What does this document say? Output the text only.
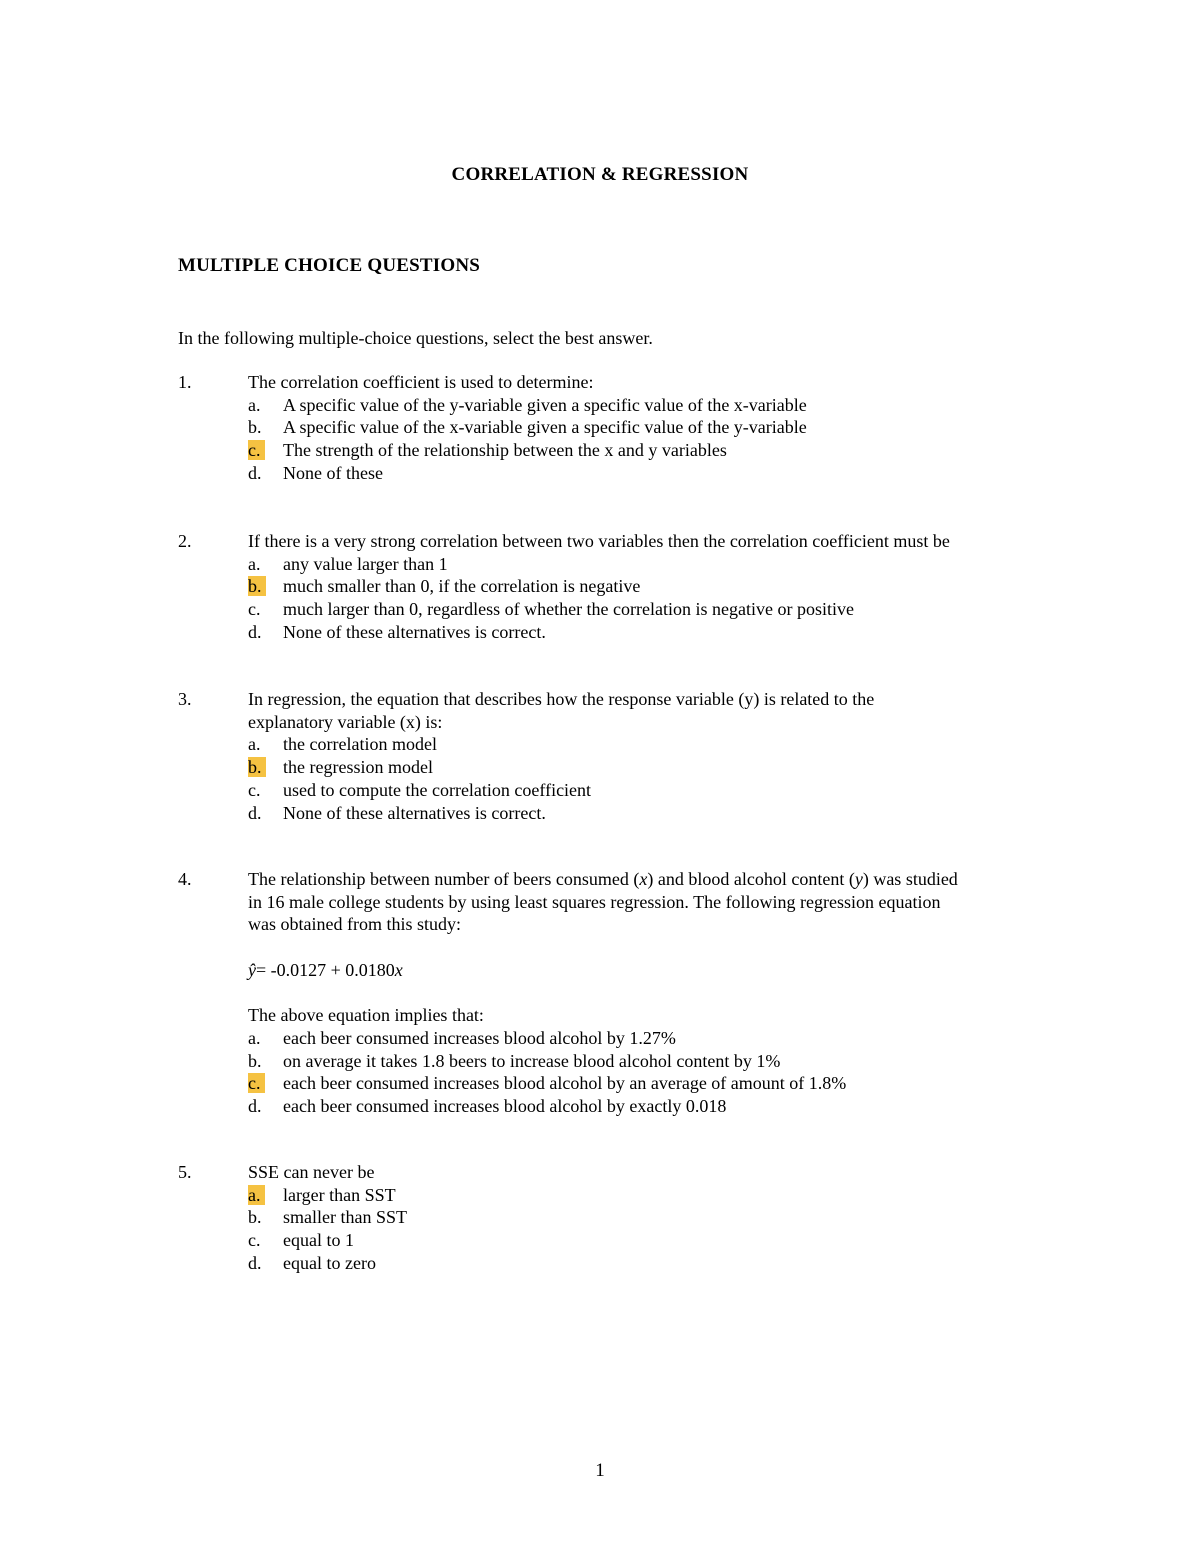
CORRELATION & REGRESSION
MULTIPLE CHOICE QUESTIONS
In the following multiple-choice questions, select the best answer.
1.	The correlation coefficient is used to determine:
a.	A specific value of the y-variable given a specific value of the x-variable
b.	A specific value of the x-variable given a specific value of the y-variable
c.	The strength of the relationship between the x and y variables
d.	None of these
2.	If there is a very strong correlation between two variables then the correlation coefficient must be
a.	any value larger than 1
b.	much smaller than 0, if the correlation is negative
c.	much larger than 0, regardless of whether the correlation is negative or positive
d.	None of these alternatives is correct.
3.	In regression, the equation that describes how the response variable (y) is related to the

explanatory variable (x) is:

a.	the correlation model
b.	the regression model
c.	used to compute the correlation coefficient
d.	None of these alternatives is correct.
4.	The relationship between number of beers consumed (x) and blood alcohol content (y) was studied

in 16 male college students by using least squares regression. The following regression equation

was obtained from this study:

ŷ= -0.0127 + 0.0180x
The above equation implies that:
a.	each beer consumed increases blood alcohol by 1.27%
b.	on average it takes 1.8 beers to increase blood alcohol content by 1%
c.	each beer consumed increases blood alcohol by an average of amount of 1.8%
d.	each beer consumed increases blood alcohol by exactly 0.018
5.	SSE can never be
a.	larger than SST
b.	smaller than SST
c.	equal to 1
d.	equal to zero
1
